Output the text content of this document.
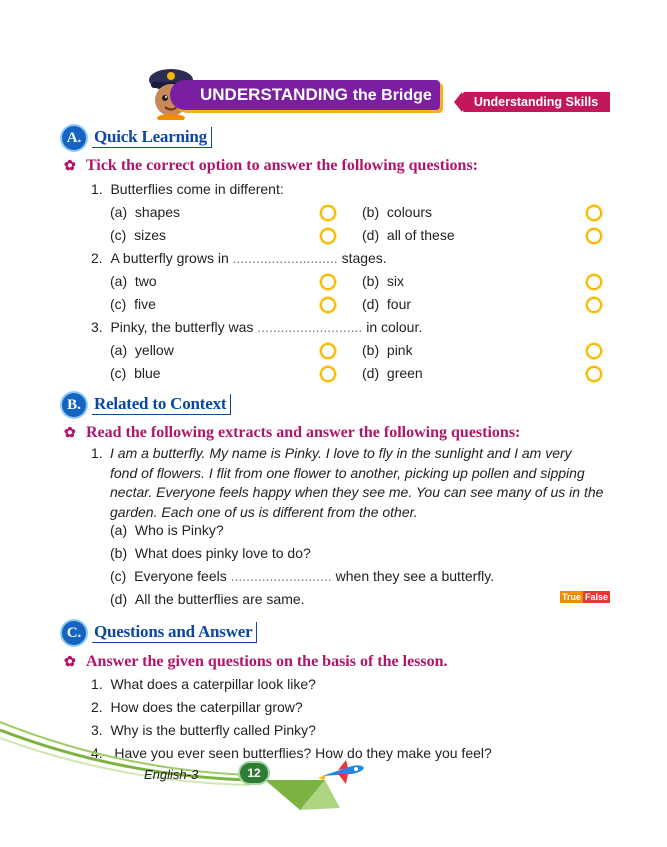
UNDERSTANDING the Bridge	Understanding Skills
A. Quick Learning
✿ Tick the correct option to answer the following questions:
1. Butterflies come in different:
(a) shapes	(b) colours
(c) sizes	(d) all of these
2. A butterfly grows in ........................... stages.
(a) two	(b) six
(c) five	(d) four
3. Pinky, the butterfly was ........................... in colour.
(a) yellow	(b) pink
(c) blue	(d) green
B. Related to Context
✿ Read the following extracts and answer the following questions:
1. I am a butterfly. My name is Pinky. I love to fly in the sunlight and I am very
fond of flowers. I flit from one flower to another, picking up pollen and sipping
nectar. Everyone feels happy when they see me. You can see many of us in the
garden. Each one of us is different from the other.
(a) Who is Pinky?
(b) What does pinky love to do?
(c) Everyone feels .......................... when they see a butterfly.
(d) All the butterflies are same.	True False
C. Questions and Answer
✿ Answer the given questions on the basis of the lesson.
1. What does a caterpillar look like?
2. How does the caterpillar grow?
3. Why is the butterfly called Pinky?
4.   Have you ever seen butterflies? How do they make you feel?
English-3	12
